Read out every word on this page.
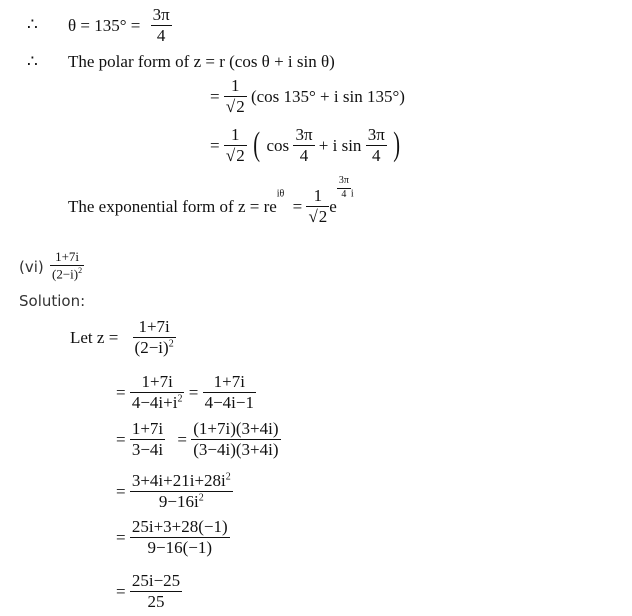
∴ $\theta = 135^\circ = \frac{3\pi}{4}$
∴ The polar form of z = r (cos θ + i sin θ)
= $\frac{1}{√2} (\cos$ 135° + i sin 135°)
= $\frac{1}{√2}$ ( $\cos \frac{3\pi}{4} + i$ $\sin \frac{3\pi}{4}$ )
The exponential form of $z = re^{i\theta} = \frac{1}{√2}$ e
$\frac{3\pi}{4} ^i$
$(vi) \frac{1+7i}{(2-i)^2}$
Solution:
Let $z = \frac{1+7i}{(2-i)^2}$
= $\frac{1+7i}{4-4i+i^2} = \frac{1+7i}{4-4i-1}$
= $\frac{1+7i}{3-4i} = \frac{(1+7i)(3+4i)}{(3-4i)(3+4i)}$
= $\frac{3+4i+21i+28i^2}{9-16i^2}$
= $\frac{25i+3+28(-1)}{9-16(-1)}$
= $\frac{25i-25}{25}$
